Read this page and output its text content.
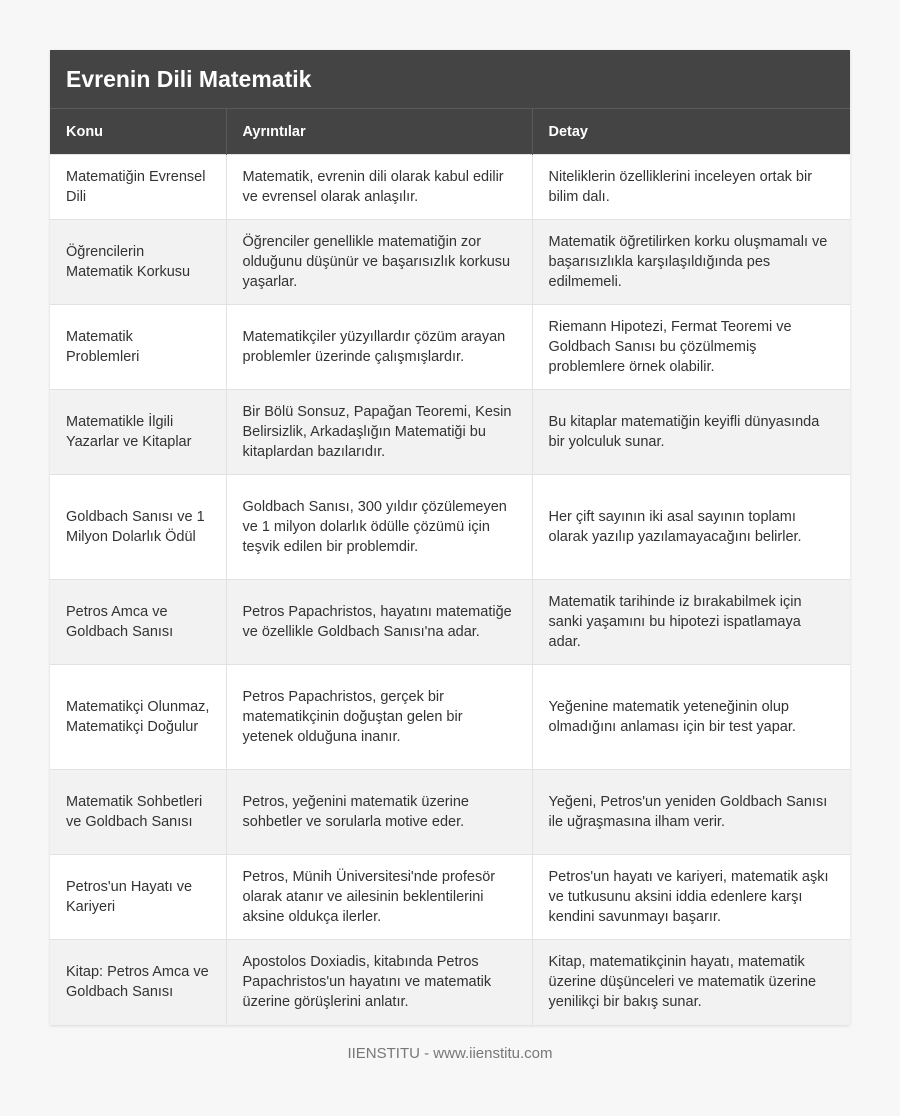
Evrenin Dili Matematik
Konu	Ayrıntılar	Detay
Matematiğin Evrensel Dili	Matematik, evrenin dili olarak kabul edilir ve evrensel olarak anlaşılır.	Niteliklerin özelliklerini inceleyen ortak bir bilim dalı.
Öğrencilerin Matematik Korkusu	Öğrenciler genellikle matematiğin zor olduğunu düşünür ve başarısızlık korkusu yaşarlar.	Matematik öğretilirken korku oluşmamalı ve başarısızlıkla karşılaşıldığında pes edilmemeli.
Matematik Problemleri	Matematikçiler yüzyıllardır çözüm arayan problemler üzerinde çalışmışlardır.	Riemann Hipotezi, Fermat Teoremi ve Goldbach Sanısı bu çözülmemiş problemlere örnek olabilir.
Matematikle İlgili Yazarlar ve Kitaplar	Bir Bölü Sonsuz, Papağan Teoremi, Kesin Belirsizlik, Arkadaşlığın Matematiği bu kitaplardan bazılarıdır.	Bu kitaplar matematiğin keyifli dünyasında bir yolculuk sunar.
Goldbach Sanısı ve 1 Milyon Dolarlık Ödül	Goldbach Sanısı, 300 yıldır çözülemeyen ve 1 milyon dolarlık ödülle çözümü için teşvik edilen bir problemdir.	Her çift sayının iki asal sayının toplamı olarak yazılıp yazılamayacağını belirler.
Petros Amca ve Goldbach Sanısı	Petros Papachristos, hayatını matematiğe ve özellikle Goldbach Sanısı'na adar.	Matematik tarihinde iz bırakabilmek için sanki yaşamını bu hipotezi ispatlamaya adar.
Matematikçi Olunmaz, Matematikçi Doğulur	Petros Papachristos, gerçek bir matematikçinin doğuştan gelen bir yetenek olduğuna inanır.	Yeğenine matematik yeteneğinin olup olmadığını anlaması için bir test yapar.
Matematik Sohbetleri ve Goldbach Sanısı	Petros, yeğenini matematik üzerine sohbetler ve sorularla motive eder.	Yeğeni, Petros'un yeniden Goldbach Sanısı ile uğraşmasına ilham verir.
Petros'un Hayatı ve Kariyeri	Petros, Münih Üniversitesi'nde profesör olarak atanır ve ailesinin beklentilerini aksine oldukça ilerler.	Petros'un hayatı ve kariyeri, matematik aşkı ve tutkusunu aksini iddia edenlere karşı kendini savunmayı başarır.
Kitap: Petros Amca ve Goldbach Sanısı	Apostolos Doxiadis, kitabında Petros Papachristos'un hayatını ve matematik üzerine görüşlerini anlatır.	Kitap, matematikçinin hayatı, matematik üzerine düşünceleri ve matematik üzerine yenilikçi bir bakış sunar.
IIENSTITU - www.iienstitu.com
